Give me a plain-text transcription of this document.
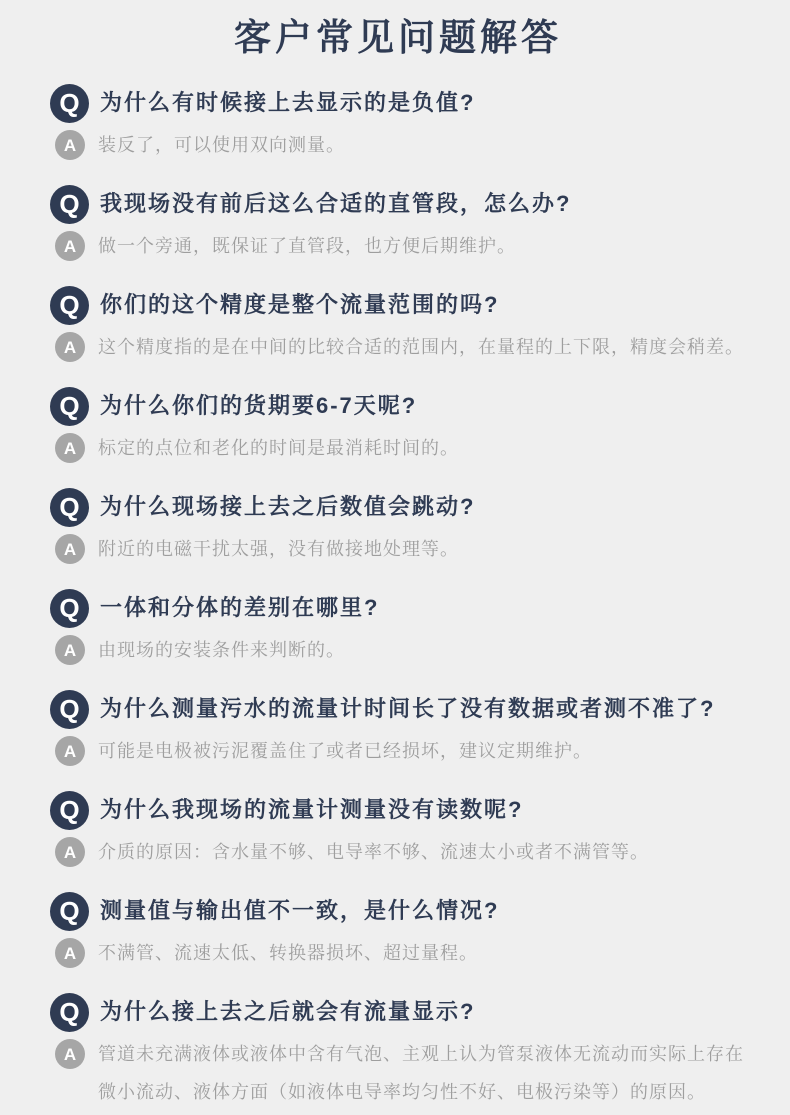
客户常见问题解答
Q 为什么有时候接上去显示的是负值?
A	装反了，可以使用双向测量。
Q 我现场没有前后这么合适的直管段，怎么办?
A	做一个旁通，既保证了直管段，也方便后期维护。
Q 你们的这个精度是整个流量范围的吗?
A	这个精度指的是在中间的比较合适的范围内，在量程的上下限，精度会稍差。
Q 为什么你们的货期要6-7天呢?
A	标定的点位和老化的时间是最消耗时间的。
Q 为什么现场接上去之后数值会跳动?
A	附近的电磁干扰太强，没有做接地处理等。
Q 一体和分体的差别在哪里?
A	由现场的安装条件来判断的。
Q 为什么测量污水的流量计时间长了没有数据或者测不准了?
A	可能是电极被污泥覆盖住了或者已经损坏，建议定期维护。
Q 为什么我现场的流量计测量没有读数呢?
A	介质的原因：含水量不够、电导率不够、流速太小或者不满管等。
Q 测量值与输出值不一致，是什么情况?
A	不满管、流速太低、转换器损坏、超过量程。
Q 为什么接上去之后就会有流量显示?
A	管道未充满液体或液体中含有气泡、主观上认为管泵液体无流动而实际上存在微小流动、液体方面（如液体电导率均匀性不好、电极污染等）的原因。
